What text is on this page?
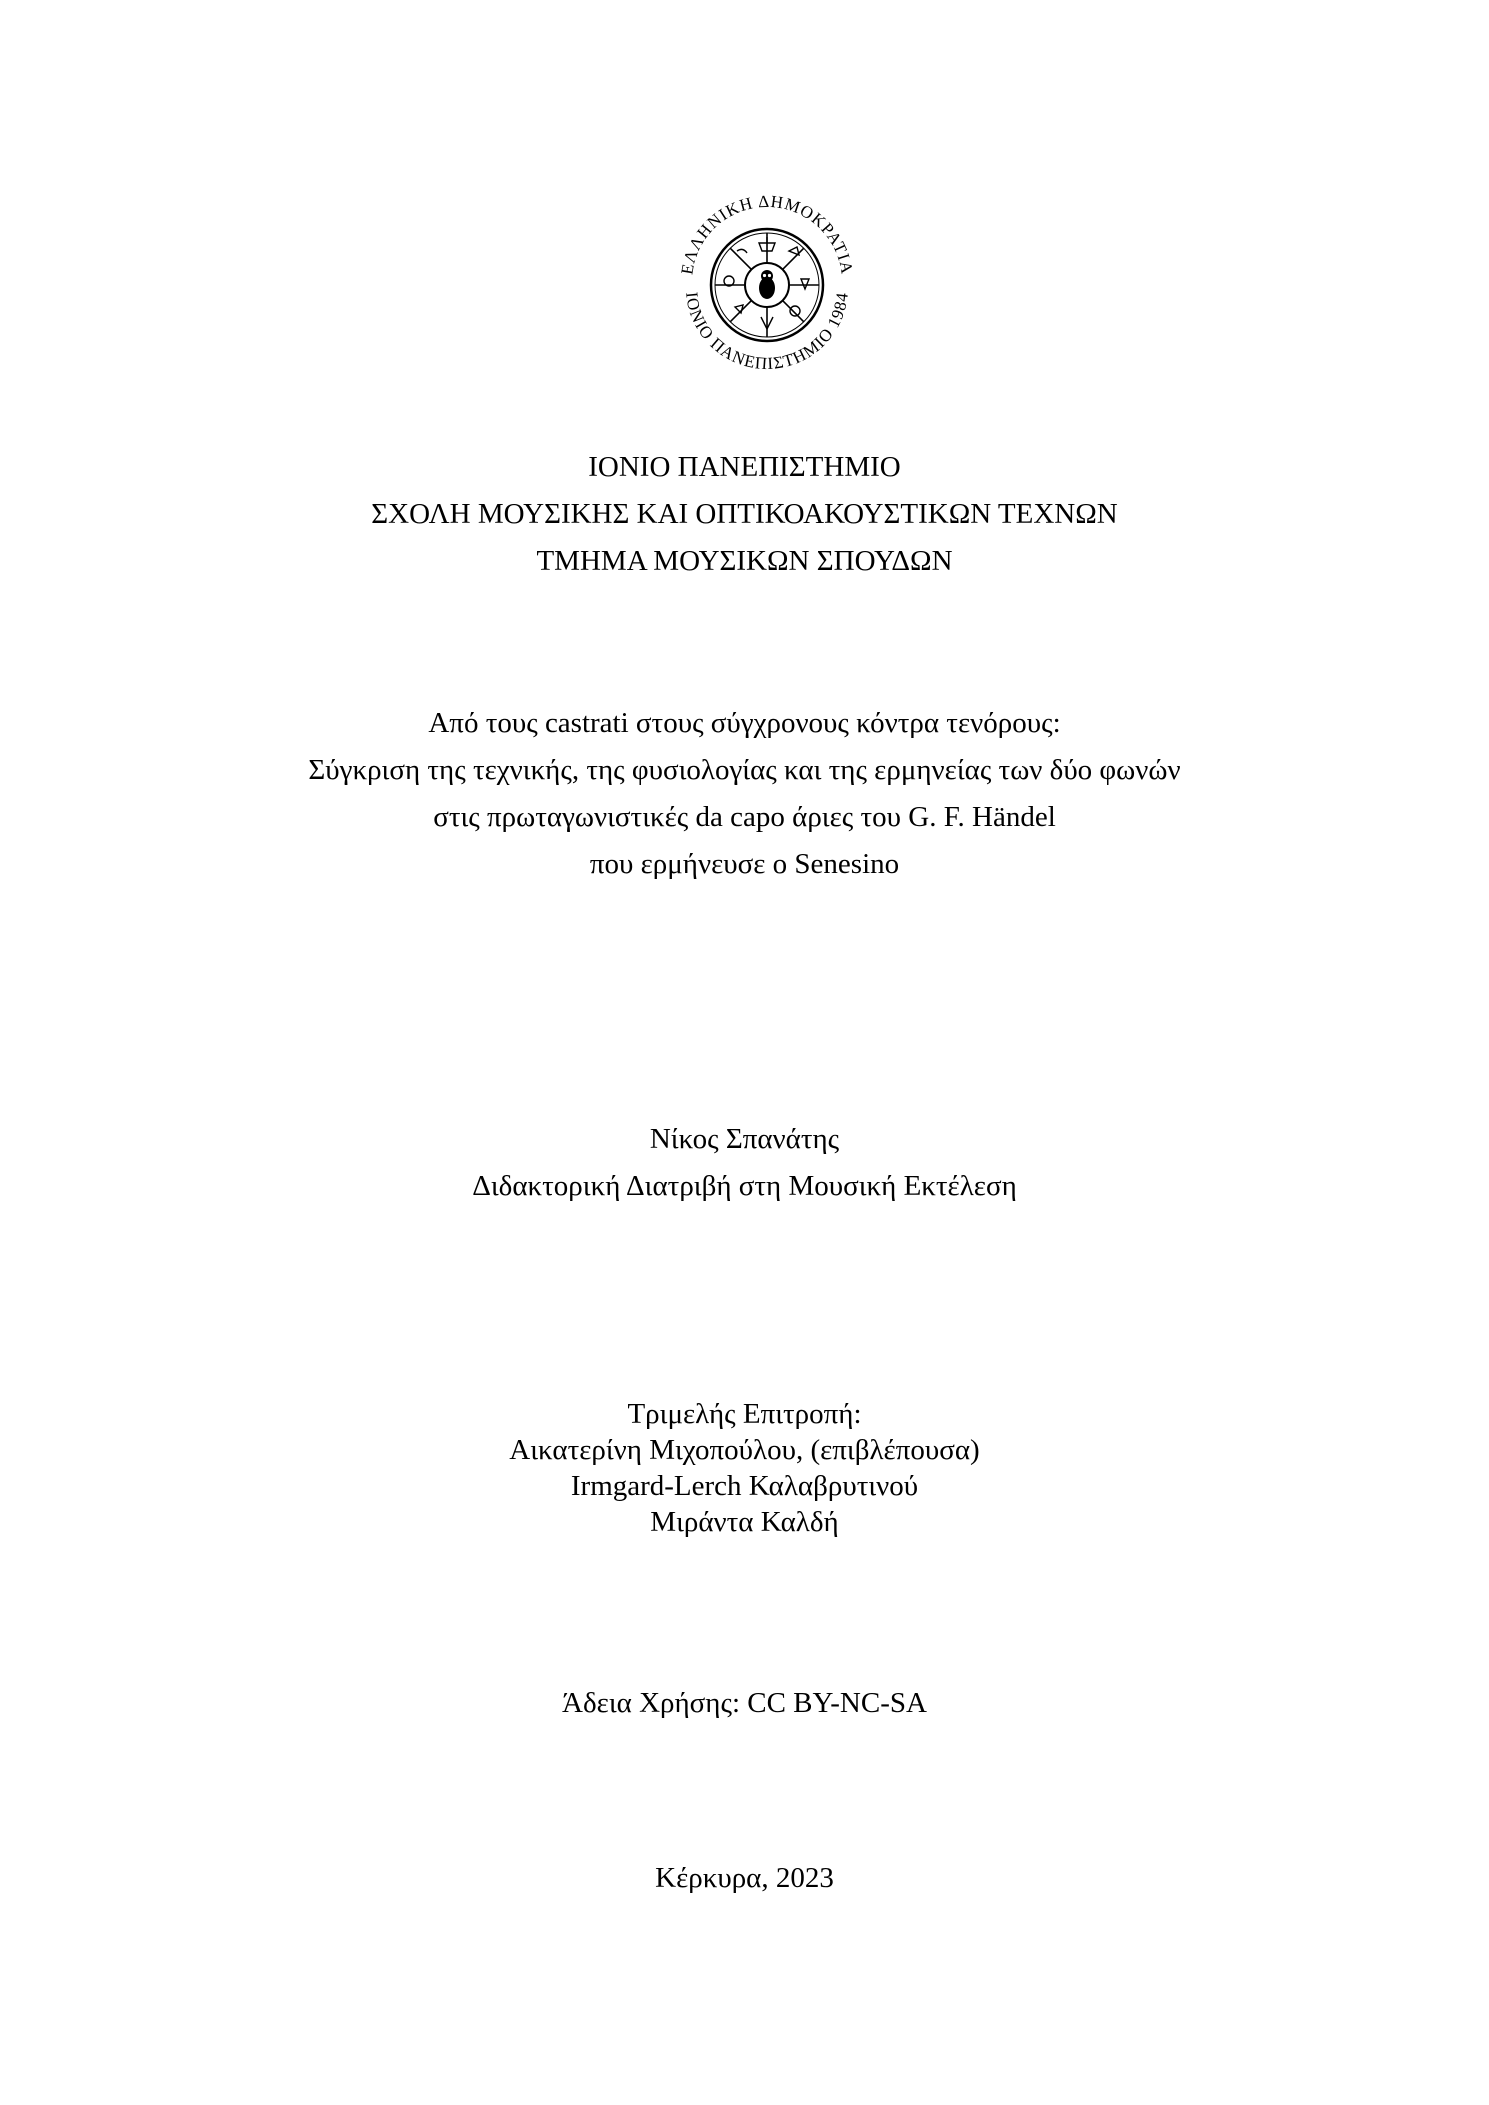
ΕΛΛΗΝΙΚΗ ΔΗΜΟΚΡΑΤΙΑ
ΙΟΝΙΟ ΠΑΝΕΠΙΣΤΗΜΙΟ 1984

ΙΟΝΙΟ ΠΑΝΕΠΙΣΤΗΜΙΟ

ΣΧΟΛΗ ΜΟΥΣΙΚΗΣ ΚΑΙ ΟΠΤΙΚΟΑΚΟΥΣΤΙΚΩΝ ΤΕΧΝΩΝ

ΤΜΗΜΑ ΜΟΥΣΙΚΩΝ ΣΠΟΥΔΩΝ

Από τους castrati στους σύγχρονους κόντρα τενόρους:

Σύγκριση της τεχνικής, της φυσιολογίας και της ερμηνείας των δύο φωνών

στις πρωταγωνιστικές da capo άριες του G. F. Händel

που ερμήνευσε ο Senesino

Νίκος Σπανάτης

Διδακτορική Διατριβή στη Μουσική Εκτέλεση

Τριμελής Επιτροπή:

Αικατερίνη Μιχοπούλου, (επιβλέπουσα)

Irmgard-Lerch Καλαβρυτινού

Μιράντα Καλδή

Άδεια Χρήσης: CC BY-NC-SA

Κέρκυρα, 2023
